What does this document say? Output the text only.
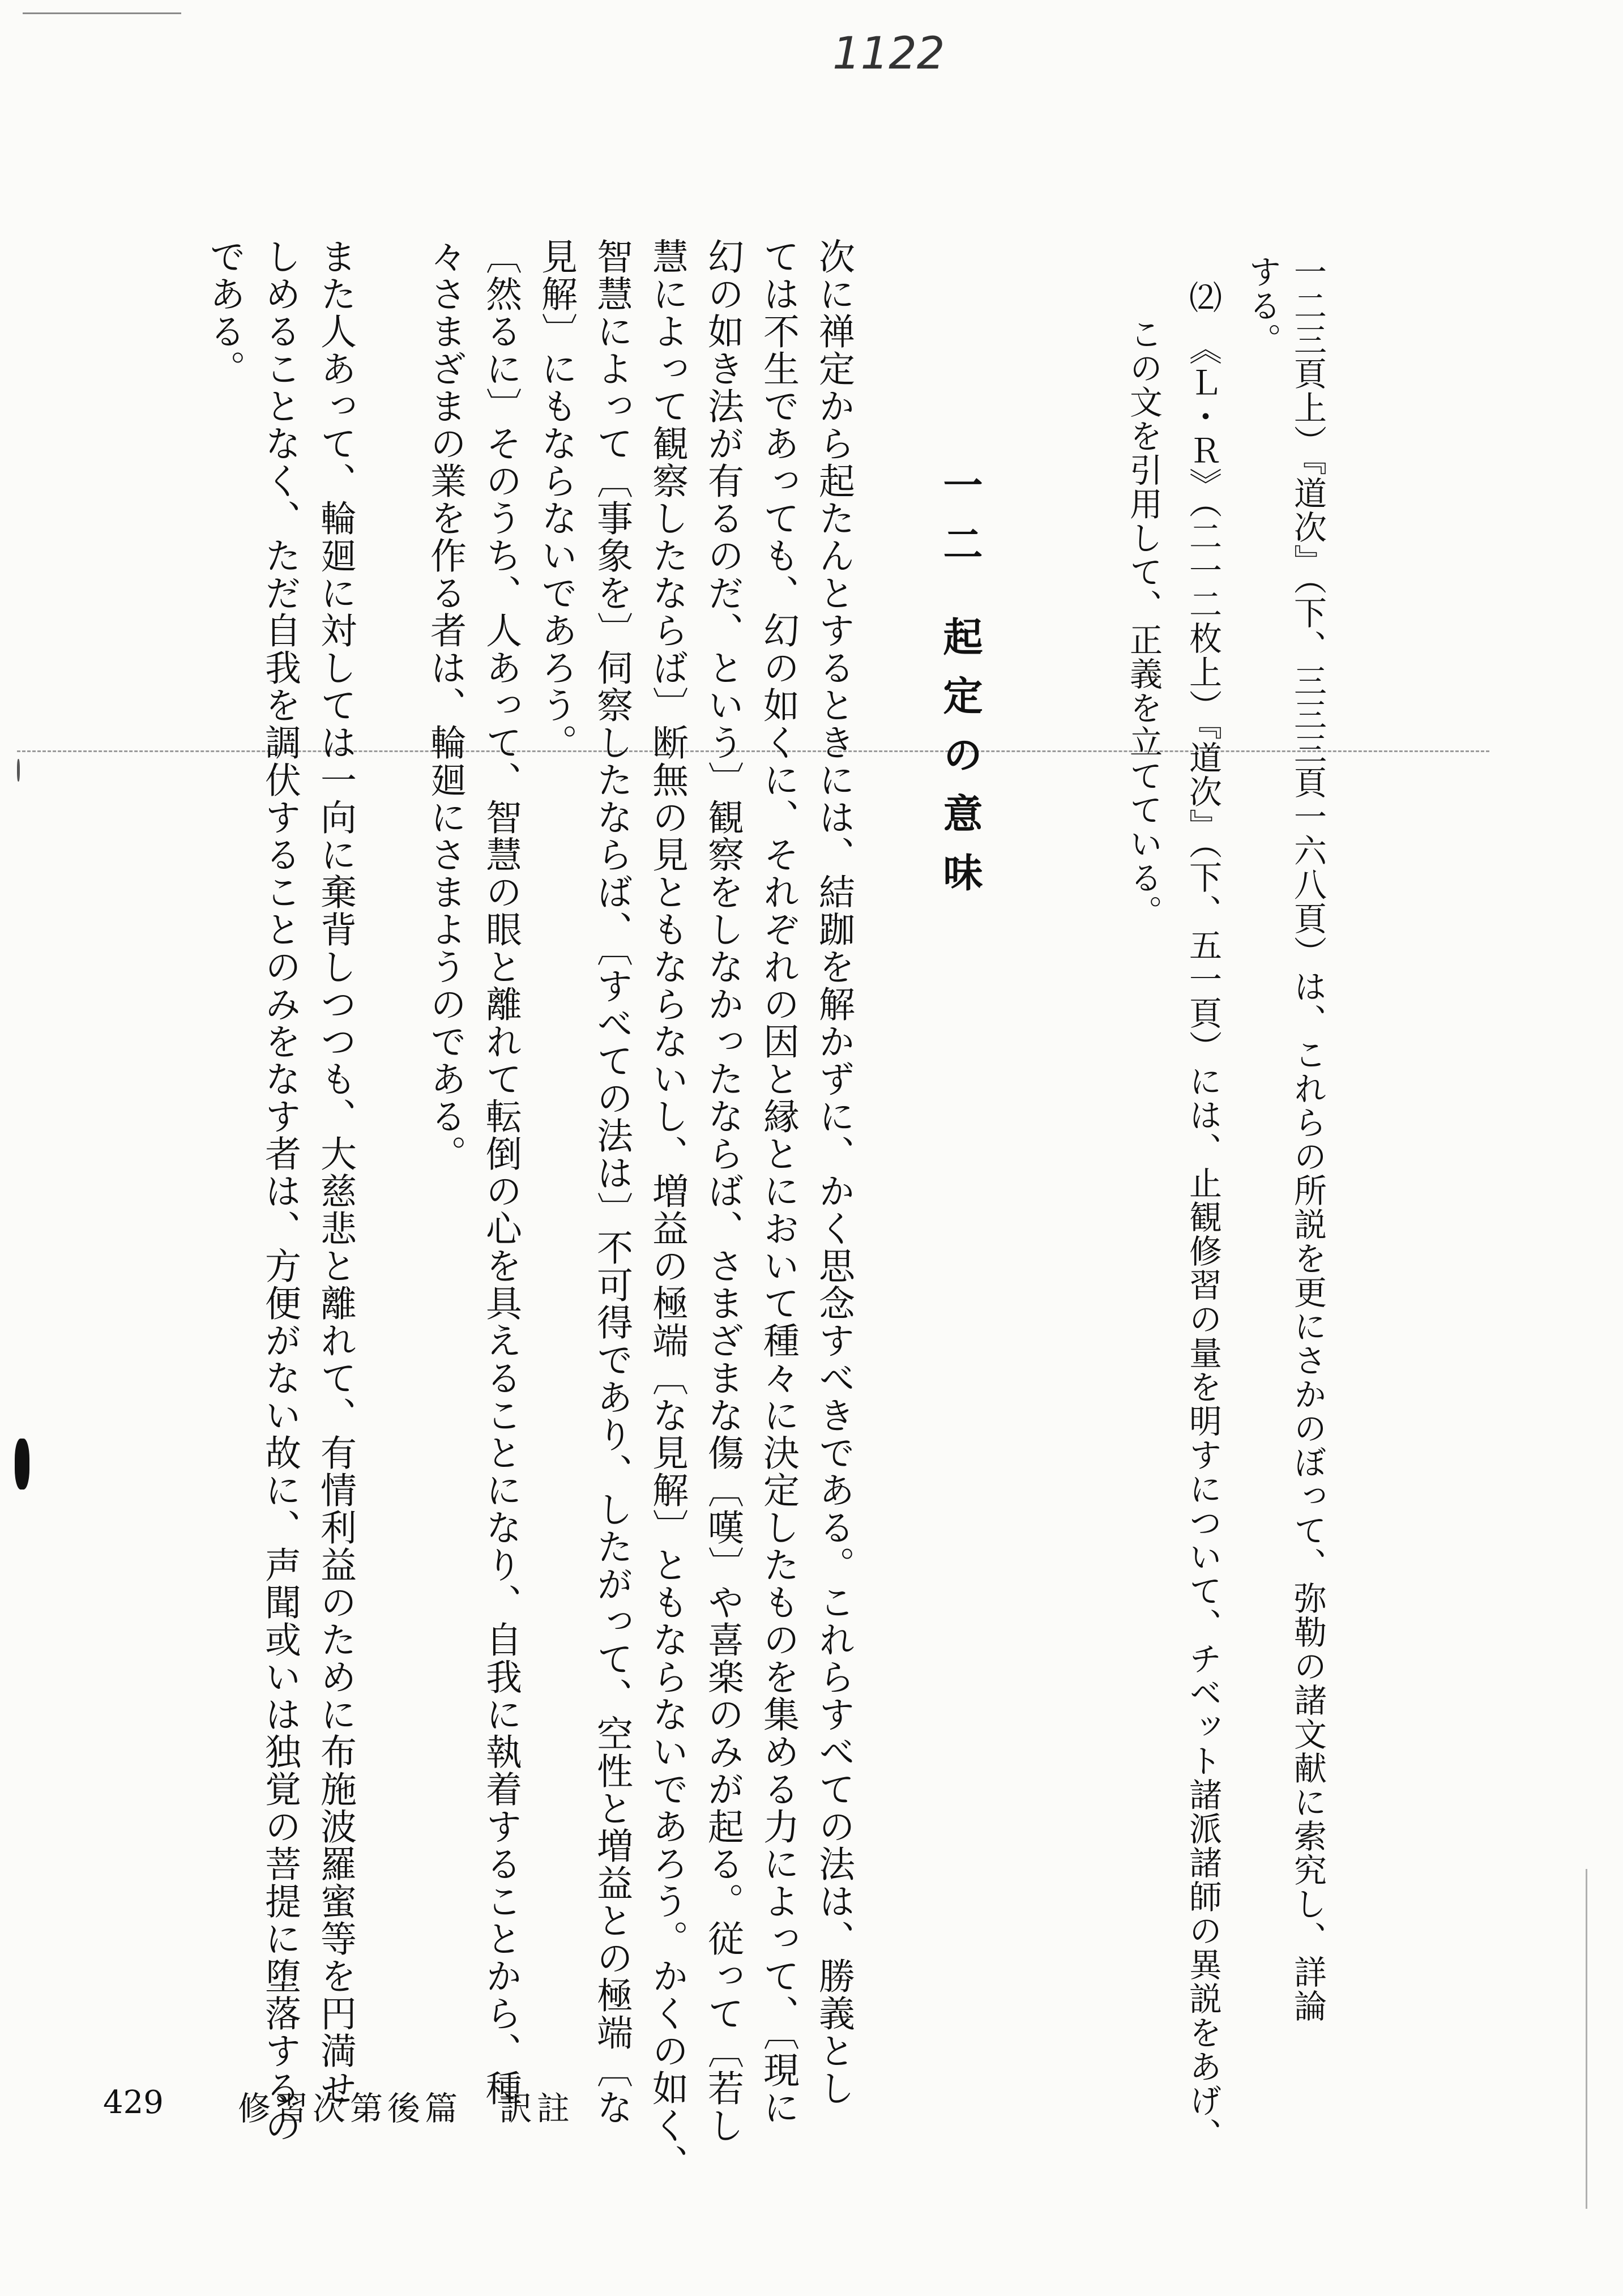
1122
一二三頁上）『道次』（下、三三三頁一六八頁）は、これらの所説を更にさかのぼって、弥勒の諸文献に索究し、詳論
する。
⑵　《Ｌ・Ｒ》（二一二枚上）『道次』（下、五一頁）には、止観修習の量を明すについて、チベット諸派諸師の異説をあげ、
この文を引用して、正義を立てている。
一二起定の意味
次に禅定から起たんとするときには、結跏を解かずに、かく思念すべきである。これらすべての法は、勝義とし
ては不生であっても、幻の如くに、それぞれの因と縁とにおいて種々に決定したものを集める力によって、〔現に
幻の如き法が有るのだ、という〕観察をしなかったならば、さまざまな傷〔嘆〕や喜楽のみが起る。従って〔若し
慧によって観察したならば〕断無の見ともならないし、増益の極端〔な見解〕ともならないであろう。かくの如く、
智慧によって〔事象を〕伺察したならば、〔すべての法は〕不可得であり、したがって、空性と増益との極端〔な
見解〕にもならないであろう。
〔然るに〕そのうち、人あって、智慧の眼と離れて転倒の心を具えることになり、自我に執着することから、種
々さまざまの業を作る者は、輪廻にさまようのである。
また人あって、輪廻に対しては一向に棄背しつつも、大慈悲と離れて、有情利益のために布施波羅蜜等を円満せ
しめることなく、ただ自我を調伏することのみをなす者は、方便がない故に、声聞或いは独覚の菩提に堕落するの
である。
429 修習次第後篇　訳註
